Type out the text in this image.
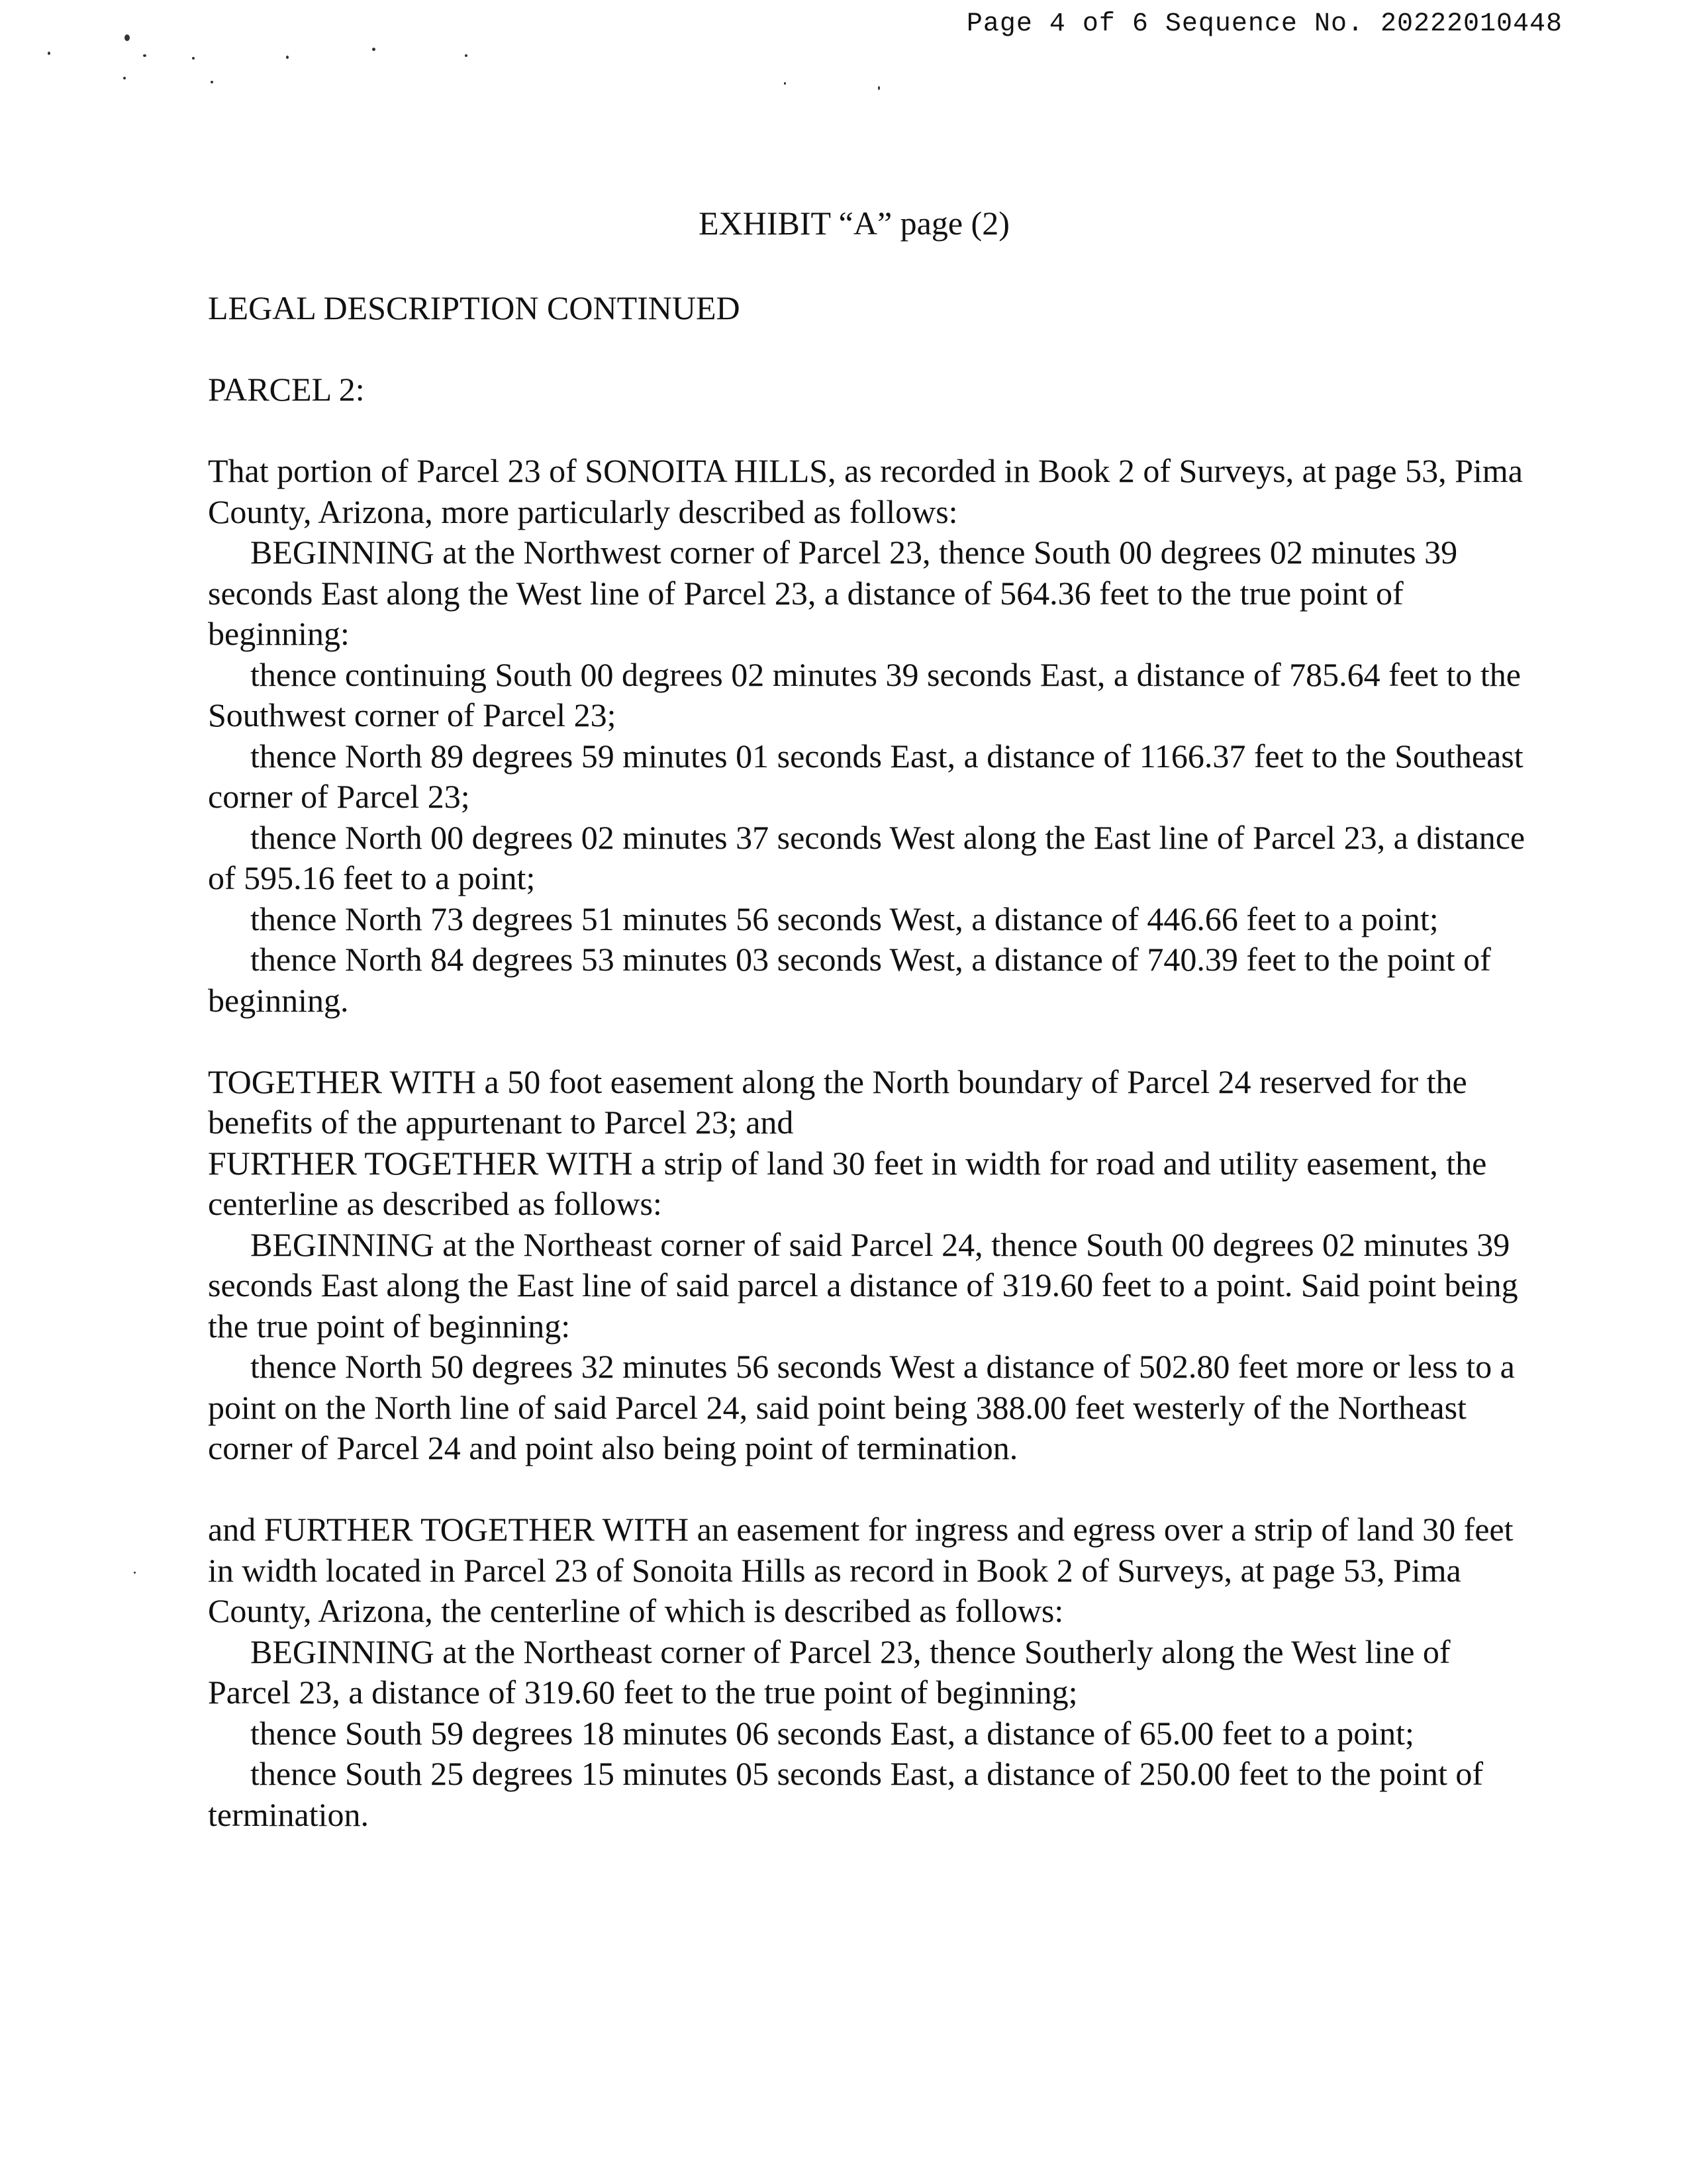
Page 4 of 6 Sequence No. 20222010448
EXHIBIT “A” page (2)
LEGAL DESCRIPTION CONTINUED
PARCEL 2:

That portion of Parcel 23 of SONOITA HILLS, as recorded in Book 2 of Surveys, at page 53, Pima County, Arizona, more particularly described as follows:

BEGINNING at the Northwest corner of Parcel 23, thence South 00 degrees 02 minutes 39 seconds East along the West line of Parcel 23, a distance of 564.36 feet to the true point of beginning:

thence continuing South 00 degrees 02 minutes 39 seconds East, a distance of 785.64 feet to the Southwest corner of Parcel 23;

thence North 89 degrees 59 minutes 01 seconds East, a distance of 1166.37 feet to the Southeast corner of Parcel 23;

thence North 00 degrees 02 minutes 37 seconds West along the East line of Parcel 23, a distance of 595.16 feet to a point;

thence North 73 degrees 51 minutes 56 seconds West, a distance of 446.66 feet to a point;

thence North 84 degrees 53 minutes 03 seconds West, a distance of 740.39 feet to the point of beginning.

TOGETHER WITH a 50 foot easement along the North boundary of Parcel 24 reserved for the benefits of the appurtenant to Parcel 23; and

FURTHER TOGETHER WITH a strip of land 30 feet in width for road and utility easement, the centerline as described as follows:

BEGINNING at the Northeast corner of said Parcel 24, thence South 00 degrees 02 minutes 39 seconds East along the East line of said parcel a distance of 319.60 feet to a point. Said point being the true point of beginning:

thence North 50 degrees 32 minutes 56 seconds West a distance of 502.80 feet more or less to a point on the North line of said Parcel 24, said point being 388.00 feet westerly of the Northeast corner of Parcel 24 and point also being point of termination.

and FURTHER TOGETHER WITH an easement for ingress and egress over a strip of land 30 feet in width located in Parcel 23 of Sonoita Hills as record in Book 2 of Surveys, at page 53, Pima County, Arizona, the centerline of which is described as follows:

BEGINNING at the Northeast corner of Parcel 23, thence Southerly along the West line of Parcel 23, a distance of 319.60 feet to the true point of beginning;

thence South 59 degrees 18 minutes 06 seconds East, a distance of 65.00 feet to a point;

thence South 25 degrees 15 minutes 05 seconds East, a distance of 250.00 feet to the point of termination.
